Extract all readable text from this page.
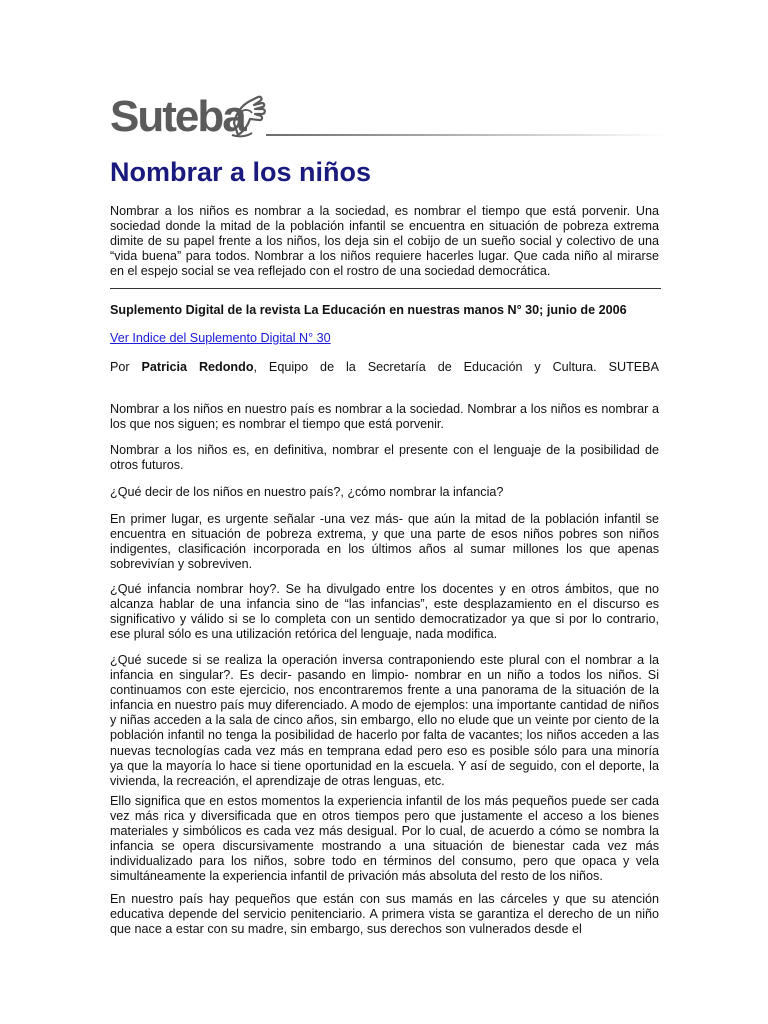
Suteba
Nombrar a los niños

Nombrar a los niños es nombrar a la sociedad, es nombrar el tiempo que está porvenir. Una sociedad donde la mitad de la población infantil se encuentra en situación de pobreza extrema dimite de su papel frente a los niños, los deja sin el cobijo de un sueño social y colectivo de una “vida buena” para todos. Nombrar a los niños requiere hacerles lugar. Que cada niño al mirarse en el espejo social se vea reflejado con el rostro de una sociedad democrática.

Suplemento Digital de la revista La Educación en nuestras manos N° 30; junio de 2006

Ver Indice del Suplemento Digital N° 30

Por Patricia Redondo, Equipo de la Secretaría de Educación y Cultura. SUTEBA

Nombrar a los niños en nuestro país es nombrar a la sociedad. Nombrar a los niños es nombrar a los que nos siguen; es nombrar el tiempo que está porvenir.

Nombrar a los niños es, en definitiva, nombrar el presente con el lenguaje de la posibilidad de otros futuros.

¿Qué decir de los niños en nuestro país?, ¿cómo nombrar la infancia?

En primer lugar, es urgente señalar -una vez más- que aún la mitad de la población infantil se encuentra en situación de pobreza extrema, y que una parte de esos niños pobres son niños indigentes, clasificación incorporada en los últimos años al sumar millones los que apenas sobrevivían y sobreviven.

¿Qué infancia nombrar hoy?. Se ha divulgado entre los docentes y en otros ámbitos, que no alcanza hablar de una infancia sino de “las infancias”, este desplazamiento en el discurso es significativo y válido si se lo completa con un sentido democratizador ya que si por lo contrario, ese plural sólo es una utilización retórica del lenguaje, nada modifica.

¿Qué sucede si se realiza la operación inversa contraponiendo este plural con el nombrar a la infancia en singular?. Es decir- pasando en limpio- nombrar en un niño a todos los niños. Si continuamos con este ejercicio, nos encontraremos frente a una panorama de la situación de la infancia en nuestro país muy diferenciado. A modo de ejemplos: una importante cantidad de niños y niñas acceden a la sala de cinco años, sin embargo, ello no elude que un veinte por ciento de la población infantil no tenga la posibilidad de hacerlo por falta de vacantes; los niños acceden a las nuevas tecnologías cada vez más en temprana edad pero eso es posible sólo para una minoría ya que la mayoría lo hace si tiene oportunidad en la escuela. Y así de seguido, con el deporte, la vivienda, la recreación, el aprendizaje de otras lenguas, etc.

Ello significa que en estos momentos la experiencia infantil de los más pequeños puede ser cada vez más rica y diversificada que en otros tiempos pero que justamente el acceso a los bienes materiales y simbólicos es cada vez más desigual. Por lo cual, de acuerdo a cómo se nombra la infancia se opera discursivamente mostrando a una situación de bienestar cada vez más individualizado para los niños, sobre todo en términos del consumo, pero que opaca y vela simultáneamente la experiencia infantil de privación más absoluta del resto de los niños.

En nuestro país hay pequeños que están con sus mamás en las cárceles y que su atención educativa depende del servicio penitenciario. A primera vista se garantiza el derecho de un niño que nace a estar con su madre, sin embargo, sus derechos son vulnerados desde el
